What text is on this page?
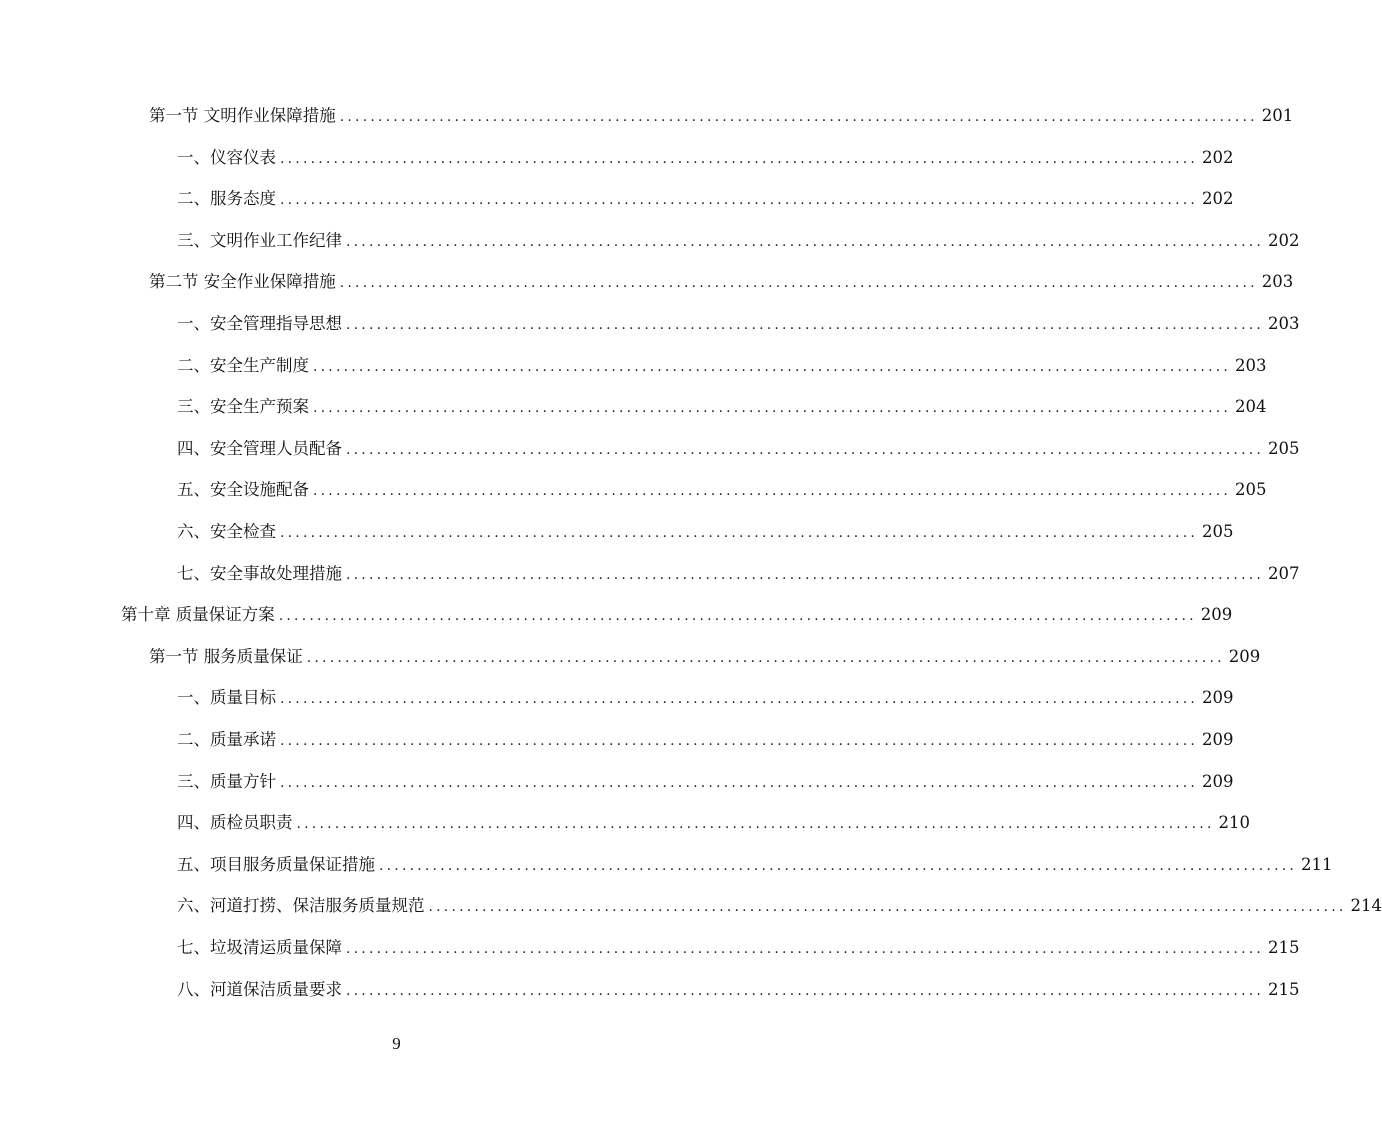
第一节 文明作业保障措施 ........................................................................................................................ 201
一、仪容仪表 ........................................................................................................................ 202
二、服务态度 ........................................................................................................................ 202
三、文明作业工作纪律 ........................................................................................................................ 202
第二节 安全作业保障措施 ........................................................................................................................ 203
一、安全管理指导思想 ........................................................................................................................ 203
二、安全生产制度 ........................................................................................................................ 203
三、安全生产预案 ........................................................................................................................ 204
四、安全管理人员配备 ........................................................................................................................ 205
五、安全设施配备 ........................................................................................................................ 205
六、安全检查 ........................................................................................................................ 205
七、安全事故处理措施 ........................................................................................................................ 207
第十章 质量保证方案 ........................................................................................................................ 209
第一节 服务质量保证 ........................................................................................................................ 209
一、质量目标 ........................................................................................................................ 209
二、质量承诺 ........................................................................................................................ 209
三、质量方针 ........................................................................................................................ 209
四、质检员职责 ........................................................................................................................ 210
五、项目服务质量保证措施 ........................................................................................................................ 211
六、河道打捞、保洁服务质量规范 ........................................................................................................................ 214
七、垃圾清运质量保障 ........................................................................................................................ 215
八、河道保洁质量要求 ........................................................................................................................ 215
9
